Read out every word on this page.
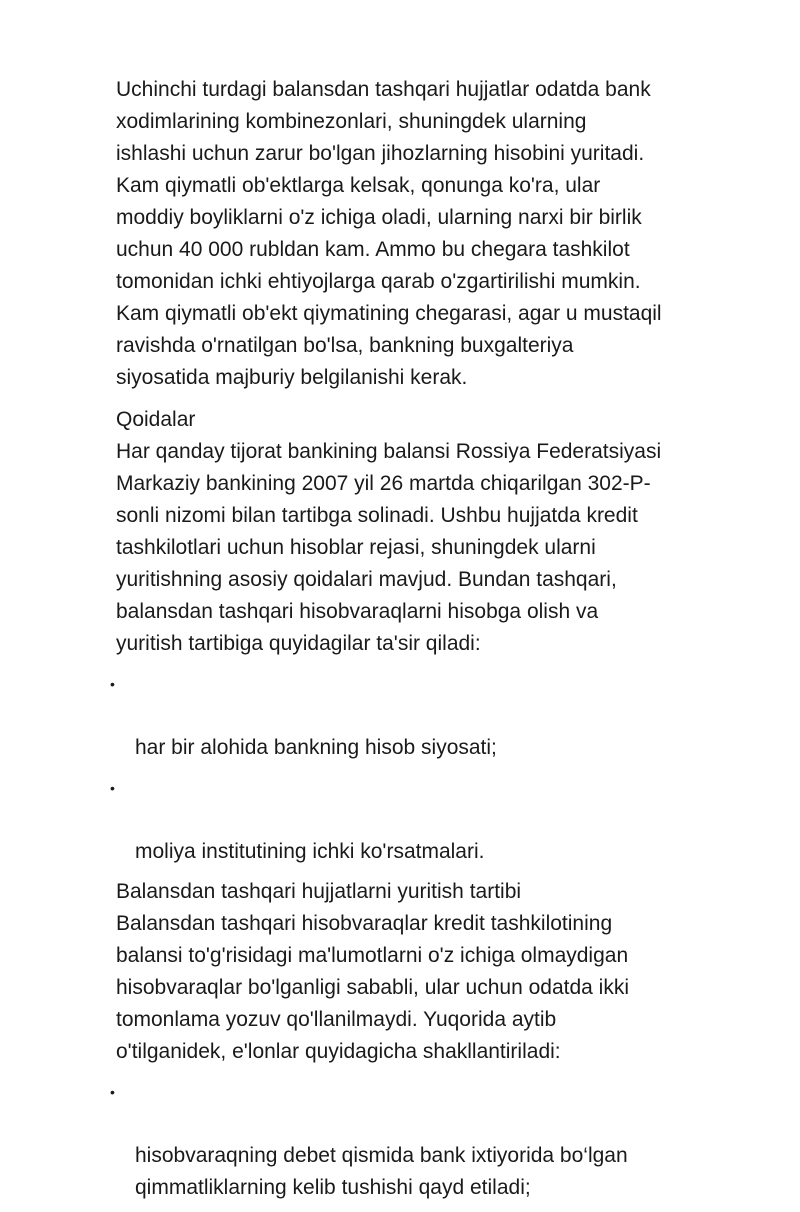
Uchinchi turdagi balansdan tashqari hujjatlar odatda bank
xodimlarining kombinezonlari, shuningdek ularning
ishlashi uchun zarur bo'lgan jihozlarning hisobini yuritadi.
Kam qiymatli ob'ektlarga kelsak, qonunga ko'ra, ular
moddiy boyliklarni o'z ichiga oladi, ularning narxi bir birlik
uchun 40 000 rubldan kam. Ammo bu chegara tashkilot
tomonidan ichki ehtiyojlarga qarab o'zgartirilishi mumkin.
Kam qiymatli ob'ekt qiymatining chegarasi, agar u mustaqil
ravishda o'rnatilgan bo'lsa, bankning buxgalteriya
siyosatida majburiy belgilanishi kerak.

Qoidalar

Har qanday tijorat bankining balansi Rossiya Federatsiyasi
Markaziy bankining 2007 yil 26 martda chiqarilgan 302-P-
sonli nizomi bilan tartibga solinadi. Ushbu hujjatda kredit
tashkilotlari uchun hisoblar rejasi, shuningdek ularni
yuritishning asosiy qoidalari mavjud. Bundan tashqari,
balansdan tashqari hisobvaraqlarni hisobga olish va
yuritish tartibiga quyidagilar ta'sir qiladi:

•

har bir alohida bankning hisob siyosati;

•

moliya institutining ichki ko'rsatmalari.

Balansdan tashqari hujjatlarni yuritish tartibi

Balansdan tashqari hisobvaraqlar kredit tashkilotining
balansi to'g'risidagi ma'lumotlarni o'z ichiga olmaydigan
hisobvaraqlar bo'lganligi sababli, ular uchun odatda ikki
tomonlama yozuv qo'llanilmaydi. Yuqorida aytib
o'tilganidek, e'lonlar quyidagicha shakllantiriladi:

•

hisobvaraqning debet qismida bank ixtiyorida bo‘lgan
qimmatliklarning kelib tushishi qayd etiladi;
